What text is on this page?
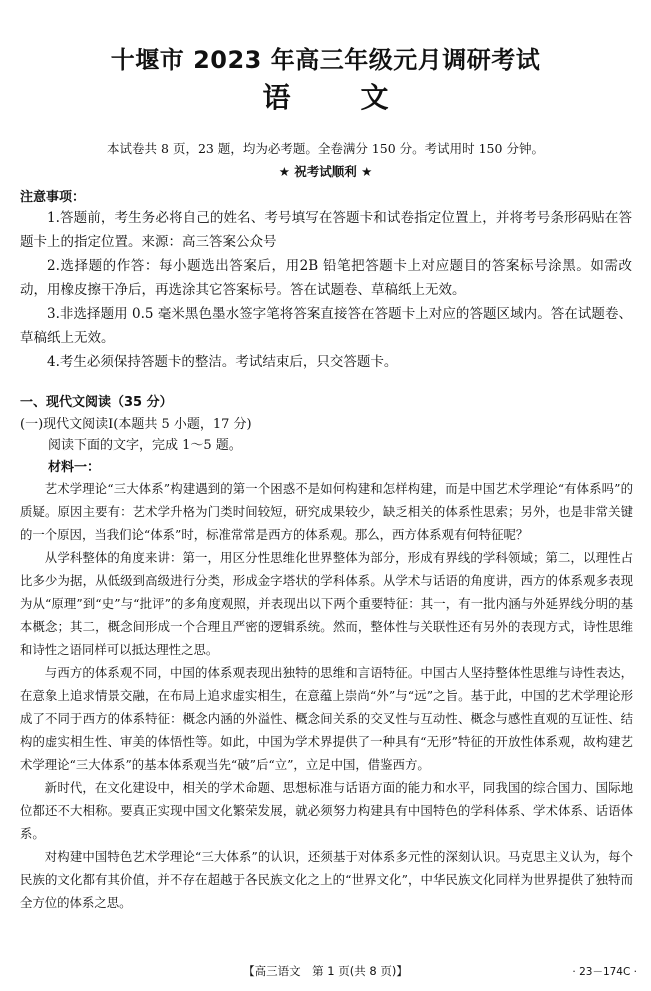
十堰市 2023 年高三年级元月调研考试
语文
本试卷共 8 页，23 题，均为必考题。全卷满分 150 分。考试用时 150 分钟。
★ 祝考试顺利 ★
注意事项：

1.答题前，考生务必将自己的姓名、考号填写在答题卡和试卷指定位置上，并将考号条形码贴在答题卡上的指定位置。来源：高三答案公众号

2.选择题的作答：每小题选出答案后，用2B 铅笔把答题卡上对应题目的答案标号涂黑。如需改动，用橡皮擦干净后，再选涂其它答案标号。答在试题卷、草稿纸上无效。

3.非选择题用 0.5 毫米黑色墨水签字笔将答案直接答在答题卡上对应的答题区域内。答在试题卷、草稿纸上无效。

4.考生必须保持答题卡的整洁。考试结束后，只交答题卡。

一、现代文阅读（35 分）
(一)现代文阅读Ⅰ(本题共 5 小题，17 分)
阅读下面的文字，完成 1～5 题。
材料一：

艺术学理论“三大体系”构建遇到的第一个困惑不是如何构建和怎样构建，而是中国艺术学理论“有体系吗”的质疑。原因主要有：艺术学升格为门类时间较短，研究成果较少，缺乏相关的体系性思索；另外，也是非常关键的一个原因，当我们论“体系”时，标准常常是西方的体系观。那么，西方体系观有何特征呢？

从学科整体的角度来讲：第一，用区分性思维化世界整体为部分，形成有界线的学科领域；第二，以理性占比多少为据，从低级到高级进行分类，形成金字塔状的学科体系。从学术与话语的角度讲，西方的体系观多表现为从“原理”到“史”与“批评”的多角度观照，并表现出以下两个重要特征：其一，有一批内涵与外延界线分明的基本概念；其二，概念间形成一个合理且严密的逻辑系统。然而，整体性与关联性还有另外的表现方式，诗性思维和诗性之语同样可以抵达理性之思。

与西方的体系观不同，中国的体系观表现出独特的思维和言语特征。中国古人坚持整体性思维与诗性表达，在意象上追求情景交融，在布局上追求虚实相生，在意蕴上崇尚“外”与“远”之旨。基于此，中国的艺术学理论形成了不同于西方的体系特征：概念内涵的外溢性、概念间关系的交叉性与互动性、概念与感性直观的互证性、结构的虚实相生性、审美的体悟性等。如此，中国为学术界提供了一种具有“无形”特征的开放性体系观，故构建艺术学理论“三大体系”的基本体系观当先“破”后“立”，立足中国，借鉴西方。

新时代，在文化建设中，相关的学术命题、思想标准与话语方面的能力和水平，同我国的综合国力、国际地位都还不大相称。要真正实现中国文化繁荣发展，就必须努力构建具有中国特色的学科体系、学术体系、话语体系。

对构建中国特色艺术学理论“三大体系”的认识，还须基于对体系多元性的深刻认识。马克思主义认为，每个民族的文化都有其价值，并不存在超越于各民族文化之上的“世界文化”，中华民族文化同样为世界提供了独特而全方位的体系之思。

【高三语文　第 1 页(共 8 页)】	· 23－174C ·
